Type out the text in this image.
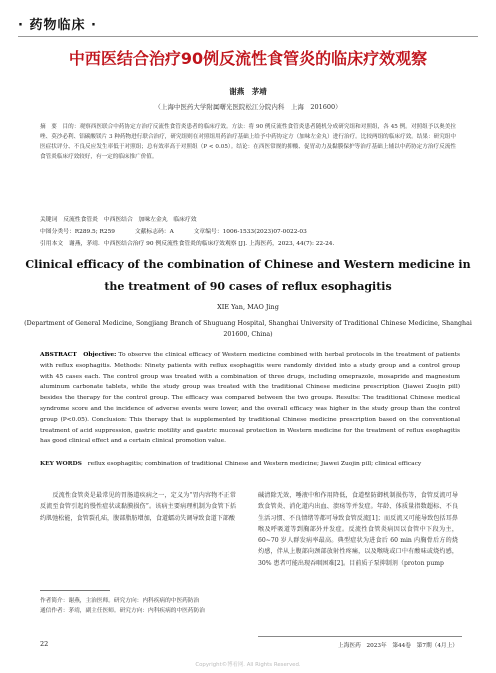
· 药物临床 ·
中西医结合治疗90例反流性食管炎的临床疗效观察
谢燕　茅靖
（上海中医药大学附属曙光医院松江分院内科　上海　201600）
摘　要　目的：观察西医联合中药协定方治疗反流性食管炎患者的临床疗效。方法：将 90 例反流性食管炎患者随机分成研究组和对照组，各 45 例。对照组予以奥美拉唑、莫沙必利、铝碳酸镁片 3 种药物进行联合治疗，研究组则在对照组用药治疗基础上给予中药协定方（加味左金丸）进行治疗。比较两组的临床疗效。结果：研究组中医症状评分、不良反应发生率低于对照组；总有效率高于对照组（P < 0.05）。结论：在西医常规的抑酸、促胃动力及黏膜保护等治疗基础上辅以中药协定方治疗反流性食管炎临床疗效较好，有一定的临床推广价值。
关键词　反流性食管炎　中西医结合　加味左金丸　临床疗效
中图分类号：R289.5; R259	文献标志码：A	文章编号：1006-1533(2023)07-0022-03
引用本文　谢燕，茅靖．中西医结合治疗 90 例反流性食管炎的临床疗效观察 [J]. 上海医药，2023, 44(7): 22-24.
Clinical efficacy of the combination of Chinese and Western medicine in the treatment of 90 cases of reflux esophagitis
XIE Yan, MAO Jing
(Department of General Medicine, Songjiang Branch of Shuguang Hospital, Shanghai University of Traditional Chinese Medicine, Shanghai 201600, China)
ABSTRACT　Objective: To observe the clinical efficacy of Western medicine combined with herbal protocols in the treatment of patients with reflux esophagitis. Methods: Ninety patients with reflux esophagitis were randomly divided into a study group and a control group with 45 cases each. The control group was treated with a combination of three drugs, including omeprazole, mosapride and magnesium aluminum carbonate tablets, while the study group was treated with the traditional Chinese medicine prescription (Jiawei Zuojin pill) besides the therapy for the control group. The efficacy was compared between the two groups. Results: The traditional Chinese medical syndrome score and the incidence of adverse events were lower, and the overall efficacy was higher in the study group than the control group (P<0.05). Conclusion: This therapy that is supplemented by traditional Chinese medicine prescription based on the conventional treatment of acid suppression, gastric motility and gastric mucosal protection in Western medicine for the treatment of reflux esophagitis has good clinical effect and a certain clinical promotion value.
KEY WORDS　reflux esophagitis; combination of traditional Chinese and Western medicine; Jiawei Zuojin pill; clinical efficacy
　　反流性食管炎是最常见的胃肠道疾病之一，定义为“胃内容物不正常反流至食管引起的慢性症状或黏膜损伤”。该病主要病理机制为食管下括约肌弛松能，食管裂孔疝，腹部脂肪增加，食道蠕动失调导致食道下部酸
碱清除无效，唾液中和作用降低，食道壁防御机制损伤等，食管反流可导致食管炎、消化道内出血、溃疡等并发症。年龄、体质量指数超标、不良生活习惯、不良情绪等都可导致食管反流[1]；而反流又可能导致包括耳鼻喉及呼吸道等到胸部外并发症。反流性食管炎病因以食管中下段为主，60~70 岁人群发病率最高。典型症状为进食后 60 min 内胸骨后方的烧灼感，伴从上腹部向颈部放射性疼痛，以及喉咙或口中有酸味或烧灼感，30% 患者可能出现吞咽困难[2]。目前质子泵抑制剂（proton pump
作者简介：谢燕，主治医师。研究方向：内科疾病的中医药防治
通信作者：茅靖，副主任医师。研究方向：内科疾病的中医药防治
22	上海医药　2023年　第44卷　第7期（4月上）
Copyright©博看网. All Rights Reserved.
